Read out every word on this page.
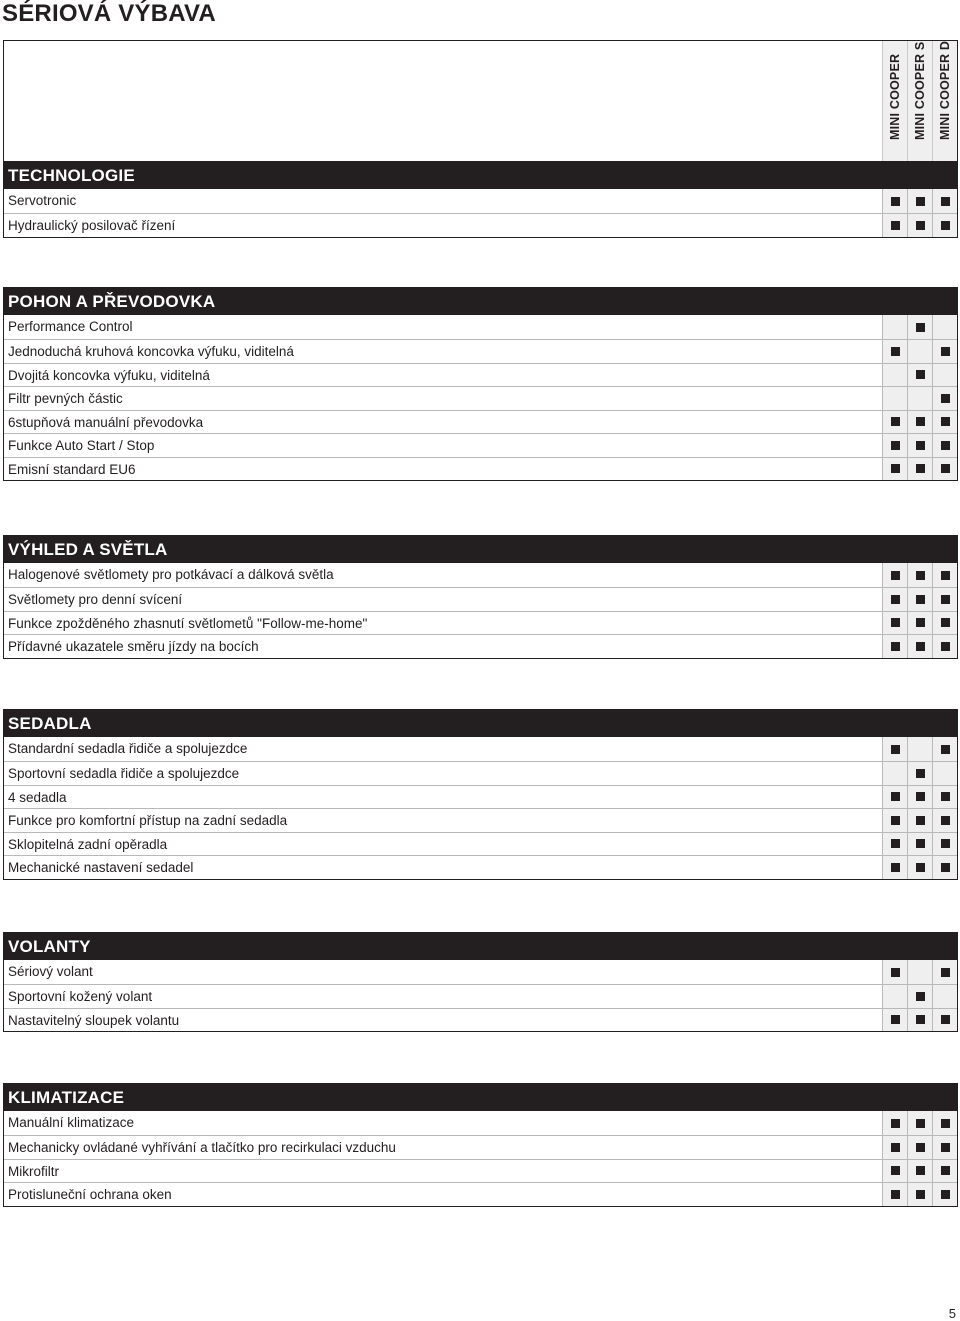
SÉRIOVÁ VÝBAVA
MINI COOPER MINI COOPER S MINI COOPER D
TECHNOLOGIE
Servotronic
Hydraulický posilovač řízení
POHON A PŘEVODOVKA
Performance Control
Jednoduchá kruhová koncovka výfuku, viditelná
Dvojitá koncovka výfuku, viditelná
Filtr pevných částic
6stupňová manuální převodovka
Funkce Auto Start / Stop
Emisní standard EU6
VÝHLED A SVĚTLA
Halogenové světlomety pro potkávací a dálková světla
Světlomety pro denní svícení
Funkce zpožděného zhasnutí světlometů "Follow-me-home"
Přídavné ukazatele směru jízdy na bocích
SEDADLA
Standardní sedadla řidiče a spolujezdce
Sportovní sedadla řidiče a spolujezdce
4 sedadla
Funkce pro komfortní přístup na zadní sedadla
Sklopitelná zadní opěradla
Mechanické nastavení sedadel
VOLANTY
Sériový volant
Sportovní kožený volant
Nastavitelný sloupek volantu
KLIMATIZACE
Manuální klimatizace
Mechanicky ovládané vyhřívání a tlačítko pro recirkulaci vzduchu
Mikrofiltr
Protisluneční ochrana oken
5
